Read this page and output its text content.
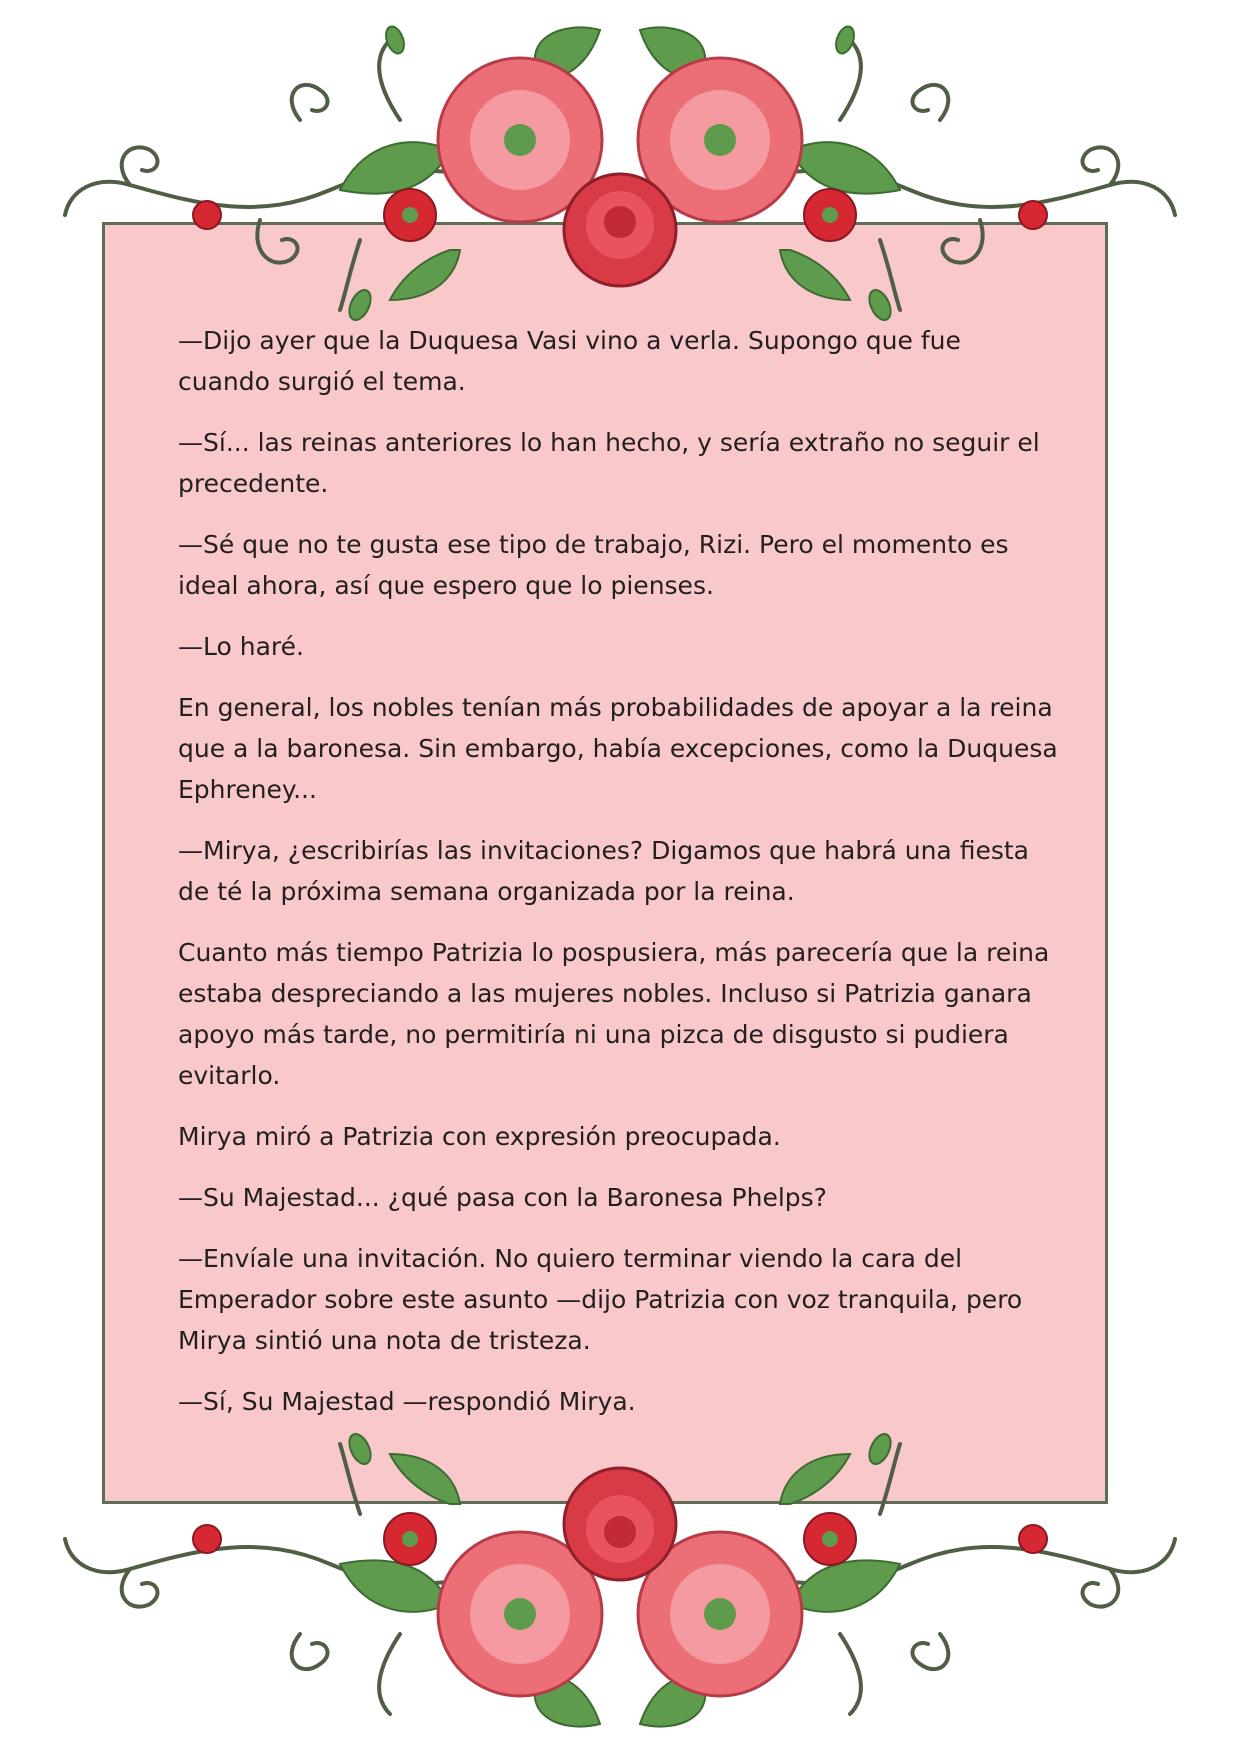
—Dijo ayer que la Duquesa Vasi vino a verla. Supongo que fue cuando surgió el tema.

—Sí... las reinas anteriores lo han hecho, y sería extraño no seguir el precedente.

—Sé que no te gusta ese tipo de trabajo, Rizi. Pero el momento es ideal ahora, así que espero que lo pienses.

—Lo haré.

En general, los nobles tenían más probabilidades de apoyar a la reina que a la baronesa. Sin embargo, había excepciones, como la Duquesa Ephreney...

—Mirya, ¿escribirías las invitaciones? Digamos que habrá una fiesta de té la próxima semana organizada por la reina.

Cuanto más tiempo Patrizia lo pospusiera, más parecería que la reina estaba despreciando a las mujeres nobles. Incluso si Patrizia ganara apoyo más tarde, no permitiría ni una pizca de disgusto si pudiera evitarlo.

Mirya miró a Patrizia con expresión preocupada.

—Su Majestad... ¿qué pasa con la Baronesa Phelps?

—Envíale una invitación. No quiero terminar viendo la cara del Emperador sobre este asunto —dijo Patrizia con voz tranquila, pero Mirya sintió una nota de tristeza.

—Sí, Su Majestad —respondió Mirya.
